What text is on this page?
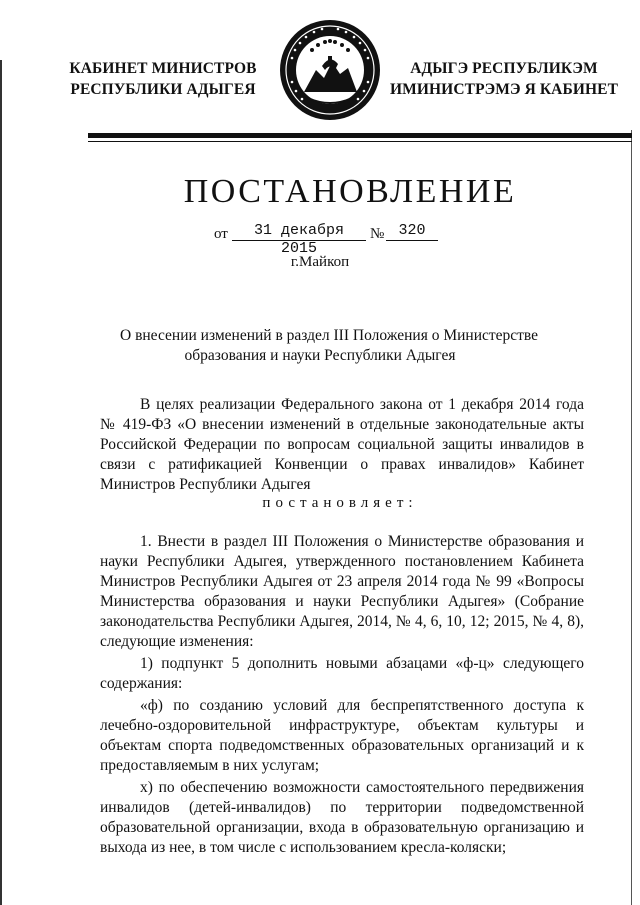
КАБИНЕТ МИНИСТРОВ
РЕСПУБЛИКИ АДЫГЕЯ
АДЫГЭ РЕСПУБЛИКЭМ
ИМИНИСТРЭМЭ Я КАБИНЕТ
ПОСТАНОВЛЕНИЕ
от	31 декабря 2015
№ 320
г.Майкоп
О внесении изменений в раздел III Положения о Министерстве
образования и науки Республики Адыгея
В целях реализации Федерального закона от 1 декабря 2014 года № 419-ФЗ «О внесении изменений в отдельные законодательные акты Российской Федерации по вопросам социальной защиты инвалидов в связи с ратификацией Конвенции о правах инвалидов» Кабинет Министров Республики Адыгея
постановляет:

1. Внести в раздел III Положения о Министерстве образования и науки Республики Адыгея, утвержденного постановлением Кабинета Министров Республики Адыгея от 23 апреля 2014 года № 99 «Вопросы Министерства образования и науки Республики Адыгея» (Собрание законодательства Республики Адыгея, 2014, № 4, 6, 10, 12; 2015, № 4, 8), следующие изменения:

1) подпункт 5 дополнить новыми абзацами «ф-ц» следующего содержания:

«ф) по созданию условий для беспрепятственного доступа к лечебно-оздоровительной инфраструктуре, объектам культуры и объектам спорта подведомственных образовательных организаций и к предоставляемым в них услугам;

х) по обеспечению возможности самостоятельного передвижения инвалидов (детей-инвалидов) по территории подведомственной образовательной организации, входа в образовательную организацию и выхода из нее, в том числе с использованием кресла-коляски;
